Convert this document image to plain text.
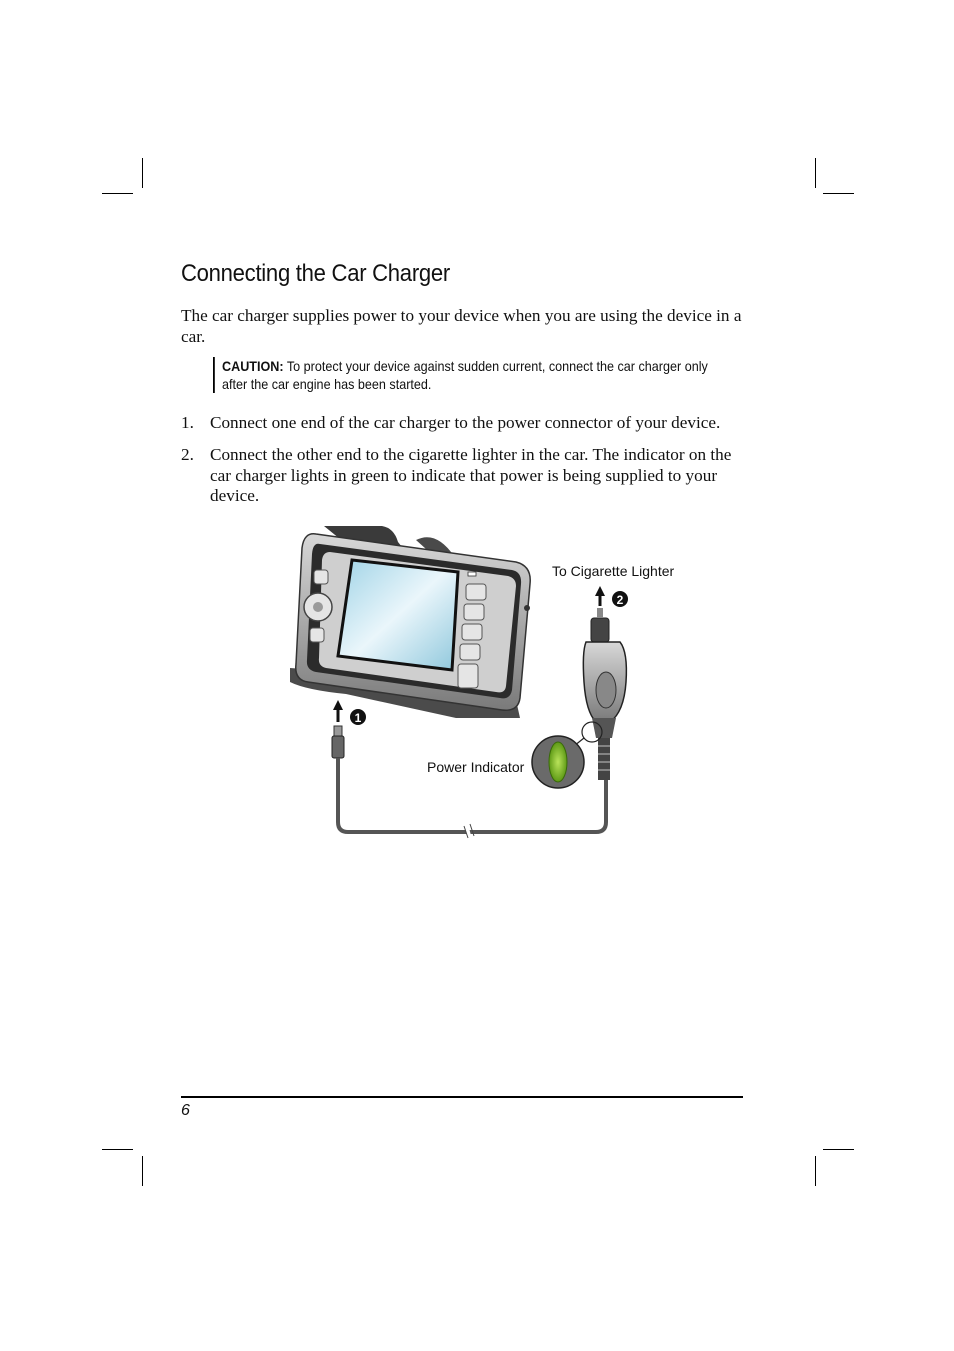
Connecting the Car Charger
The car charger supplies power to your device when you are using the device in a car.
CAUTION: To protect your device against sudden current, connect the car charger only after the car engine has been started.
1. Connect one end of the car charger to the power connector of your device.
2. Connect the other end to the cigarette lighter in the car. The indicator on the car charger lights in green to indicate that power is being supplied to your device.
1
2
To Cigarette Lighter
Power Indicator
6
